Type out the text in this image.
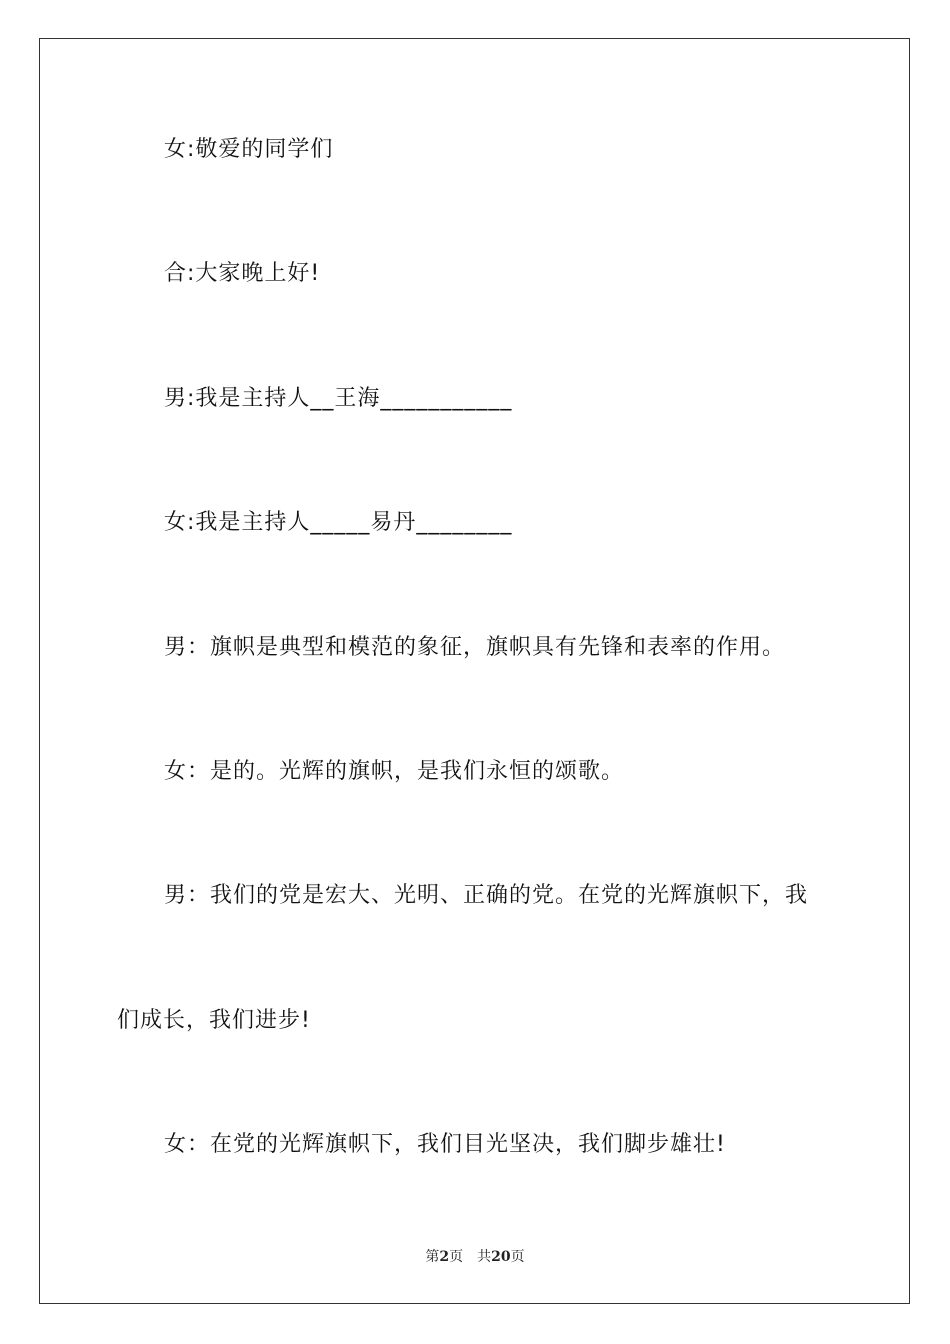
女:敬爱的同学们
合:大家晚上好!
男:我是主持人__王海___________
女:我是主持人_____易丹________
男：旗帜是典型和模范的象征，旗帜具有先锋和表率的作用。
女：是的。光辉的旗帜，是我们永恒的颂歌。
男：我们的党是宏大、光明、正确的党。在党的光辉旗帜下，我
们成长，我们进步!
女：在党的光辉旗帜下，我们目光坚决，我们脚步雄壮!
第2页 共20页
